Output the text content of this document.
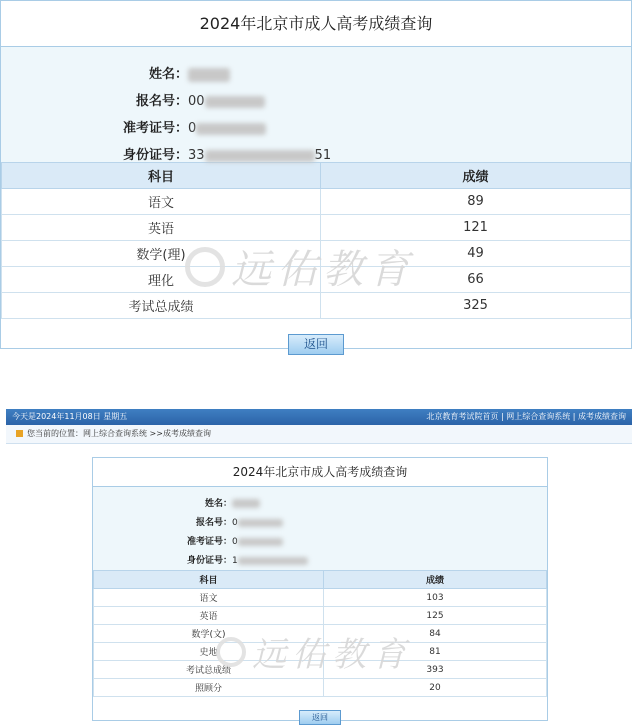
2024年北京市成人高考成绩查询
姓名：
报名号：00
准考证号：0
身份证号：33	51
科目	成绩
语文	89
英语	121
数学(理)	49
理化	66
考试总成绩	325
返回
远佑教育
今天是2024年11月08日 星期五	北京教育考试院首页 | 网上综合查询系统 | 成考成绩查询
您当前的位置：网上综合查询系统 >>成考成绩查询
2024年北京市成人高考成绩查询
姓名：
报名号：0
准考证号：0
身份证号：1
科目	成绩
语文	103
英语	125
数学(文)	84
史地	81
考试总成绩	393
照顾分	20
返回
远佑教育
